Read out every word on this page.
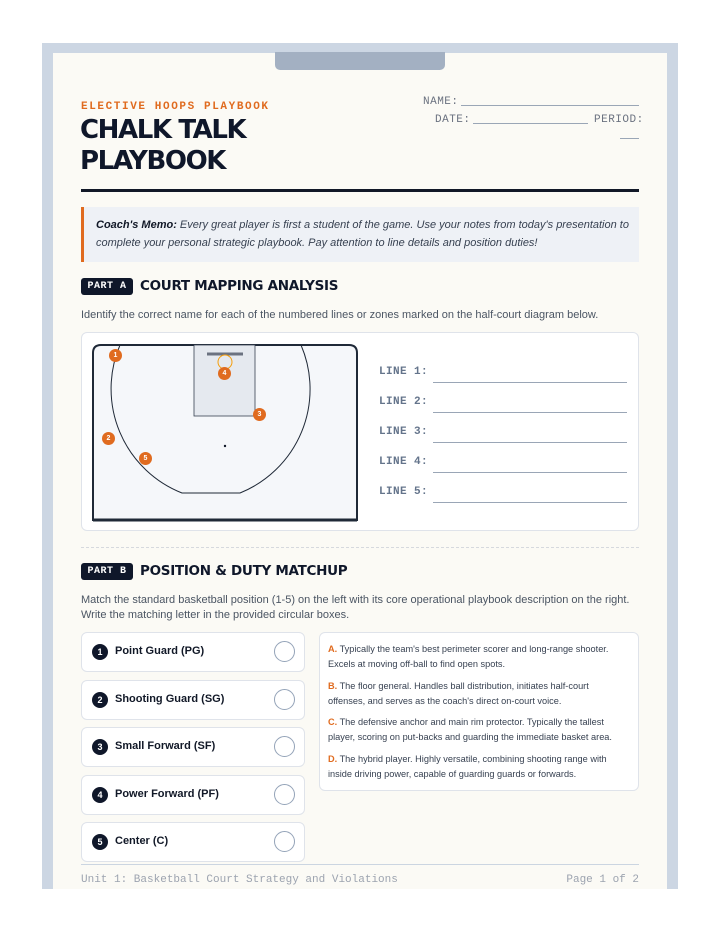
ELECTIVE HOOPS PLAYBOOK
CHALK TALK
PLAYBOOK
NAME:
DATE:	PERIOD:
Coach's Memo: Every great player is first a student of the game. Use your notes from today's presentation to complete your personal strategic playbook. Pay attention to line details and position duties!
PART A	COURT MAPPING ANALYSIS
Identify the correct name for each of the numbered lines or zones marked on the half-court diagram below.
1
2
3
4
5
LINE 1:
LINE 2:
LINE 3:
LINE 4:
LINE 5:
PART B	POSITION & DUTY MATCHUP
Match the standard basketball position (1-5) on the left with its core operational playbook description on the right. Write the matching letter in the provided circular boxes.
1	Point Guard (PG)
2	Shooting Guard (SG)
3	Small Forward (SF)
4	Power Forward (PF)
5	Center (C)
A. Typically the team's best perimeter scorer and long-range shooter. Excels at moving off-ball to find open spots.
B. The floor general. Handles ball distribution, initiates half-court offenses, and serves as the coach's direct on-court voice.
C. The defensive anchor and main rim protector. Typically the tallest player, scoring on put-backs and guarding the immediate basket area.
D. The hybrid player. Highly versatile, combining shooting range with inside driving power, capable of guarding guards or forwards.
Unit 1: Basketball Court Strategy and Violations	Page 1 of 2
